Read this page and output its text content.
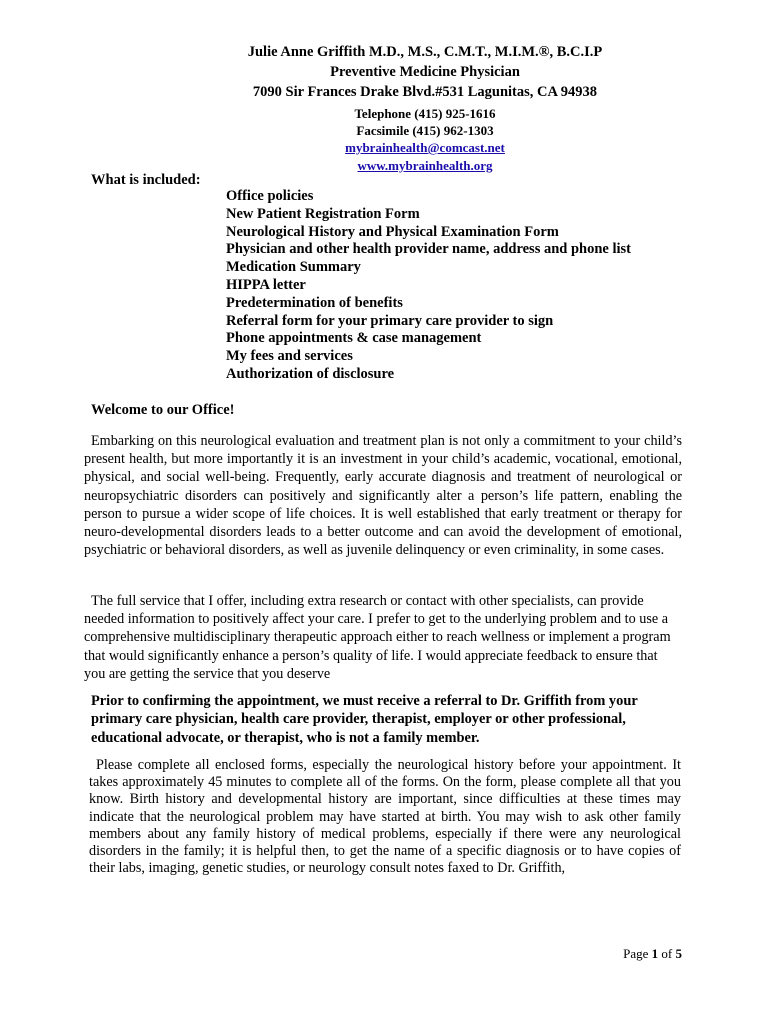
Julie Anne Griffith M.D., M.S., C.M.T., M.I.M.®, B.C.I.P
Preventive Medicine Physician
7090 Sir Frances Drake Blvd.#531 Lagunitas, CA 94938
Telephone (415) 925-1616
Facsimile (415) 962-1303
mybrainhealth@comcast.net
www.mybrainhealth.org
What is included:
Office policies
New Patient Registration Form
Neurological History and Physical Examination Form
Physician and other health provider name, address and phone list
Medication Summary
HIPPA letter
Predetermination of benefits
Referral form for your primary care provider to sign
Phone appointments & case management
My fees and services
Authorization of disclosure
Welcome to our Office!

Embarking on this neurological evaluation and treatment plan is not only a commitment to your child’s present health, but more importantly it is an investment in your child’s academic, vocational, emotional, physical, and social well-being. Frequently, early accurate diagnosis and treatment of neurological or neuropsychiatric disorders can positively and significantly alter a person’s life pattern, enabling the person to pursue a wider scope of life choices. It is well established that early treatment or therapy for neuro-developmental disorders leads to a better outcome and can avoid the development of emotional, psychiatric or behavioral disorders, as well as juvenile delinquency or even criminality, in some cases.

The full service that I offer, including extra research or contact with other specialists, can provide needed information to positively affect your care. I prefer to get to the underlying problem and to use a comprehensive multidisciplinary therapeutic approach either to reach wellness or implement a program that would significantly enhance a person’s quality of life. I would appreciate feedback to ensure that you are getting the service that you deserve

Prior to confirming the appointment, we must receive a referral to Dr. Griffith from your primary care physician, health care provider, therapist, employer or other professional, educational advocate, or therapist, who is not a family member.

Please complete all enclosed forms, especially the neurological history before your appointment. It takes approximately 45 minutes to complete all of the forms. On the form, please complete all that you know. Birth history and developmental history are important, since difficulties at these times may indicate that the neurological problem may have started at birth. You may wish to ask other family members about any family history of medical problems, especially if there were any neurological disorders in the family; it is helpful then, to get the name of a specific diagnosis or to have copies of their labs, imaging, genetic studies, or neurology consult notes faxed to Dr. Griffith,

Page 1 of 5
